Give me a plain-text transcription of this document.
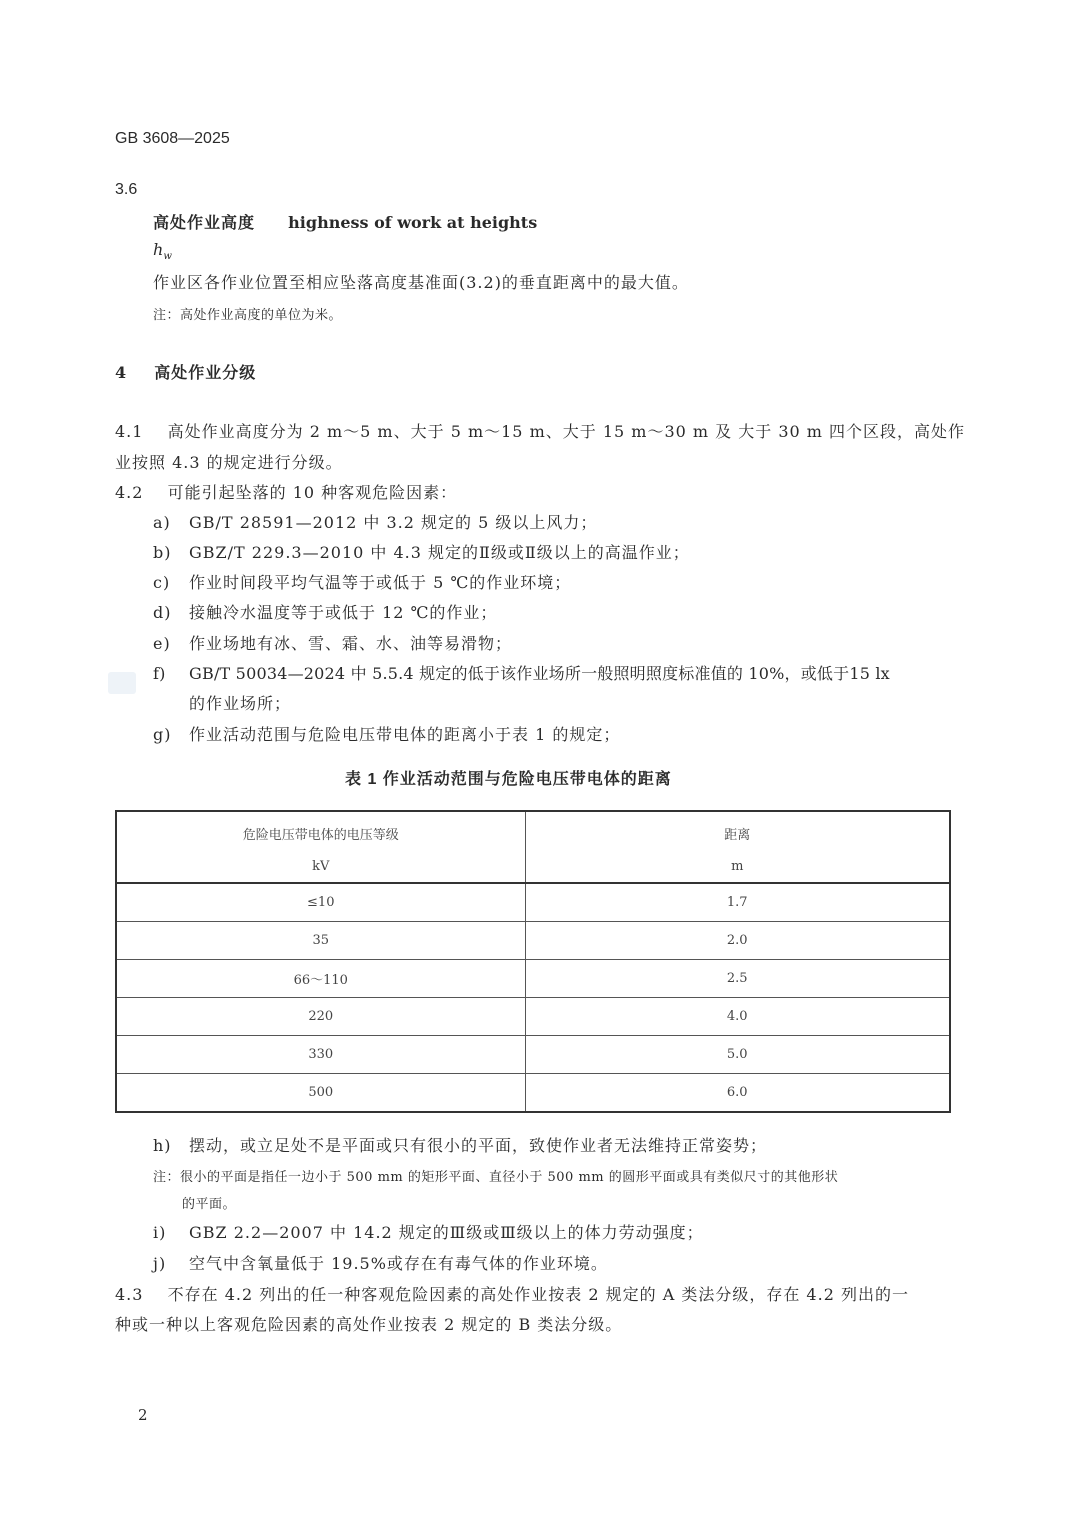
GB 3608—2025
3.6
高处作业高度 highness of work at heights
$h_w$
作业区各作业位置至相应坠落高度基准面(3.2)的垂直距离中的最大值。
注：高处作业高度的单位为米。
4 高处作业分级
4.1 高处作业高度分为 2 m～5 m、大于 5 m～15 m、大于 15 m～30 m 及 大于 30 m 四个区段，高处作
业按照 4.3 的规定进行分级。
4.2 可能引起坠落的 10 种客观危险因素：
a) GB/T 28591—2012 中 3.2 规定的 5 级以上风力；
b) GBZ/T 229.3—2010 中 4.3 规定的Ⅱ级或Ⅱ级以上的高温作业；
c) 作业时间段平均气温等于或低于 5 ℃的作业环境；
d) 接触冷水温度等于或低于 12 ℃的作业；
e) 作业场地有冰、雪、霜、水、油等易滑物；
f) GB/T 50034—2024 中 5.5.4 规定的低于该作业场所一般照明照度标准值的 10%，或低于15 lx
的作业场所；
g) 作业活动范围与危险电压带电体的距离小于表 1 的规定；
表 1 作业活动范围与危险电压带电体的距离
危险电压带电体的电压等级	距离
kV	m
≤10	1.7
35	2.0
66～110	2.5
220	4.0
330	5.0
500	6.0
h) 摆动，或立足处不是平面或只有很小的平面，致使作业者无法维持正常姿势；
注：很小的平面是指任一边小于 500 mm 的矩形平面、直径小于 500 mm 的圆形平面或具有类似尺寸的其他形状
的平面。
i) GBZ 2.2—2007 中 14.2 规定的Ⅲ级或Ⅲ级以上的体力劳动强度；
j) 空气中含氧量低于 19.5%或存在有毒气体的作业环境。
4.3 不存在 4.2 列出的任一种客观危险因素的高处作业按表 2 规定的 A 类法分级，存在 4.2 列出的一
种或一种以上客观危险因素的高处作业按表 2 规定的 B 类法分级。
2
